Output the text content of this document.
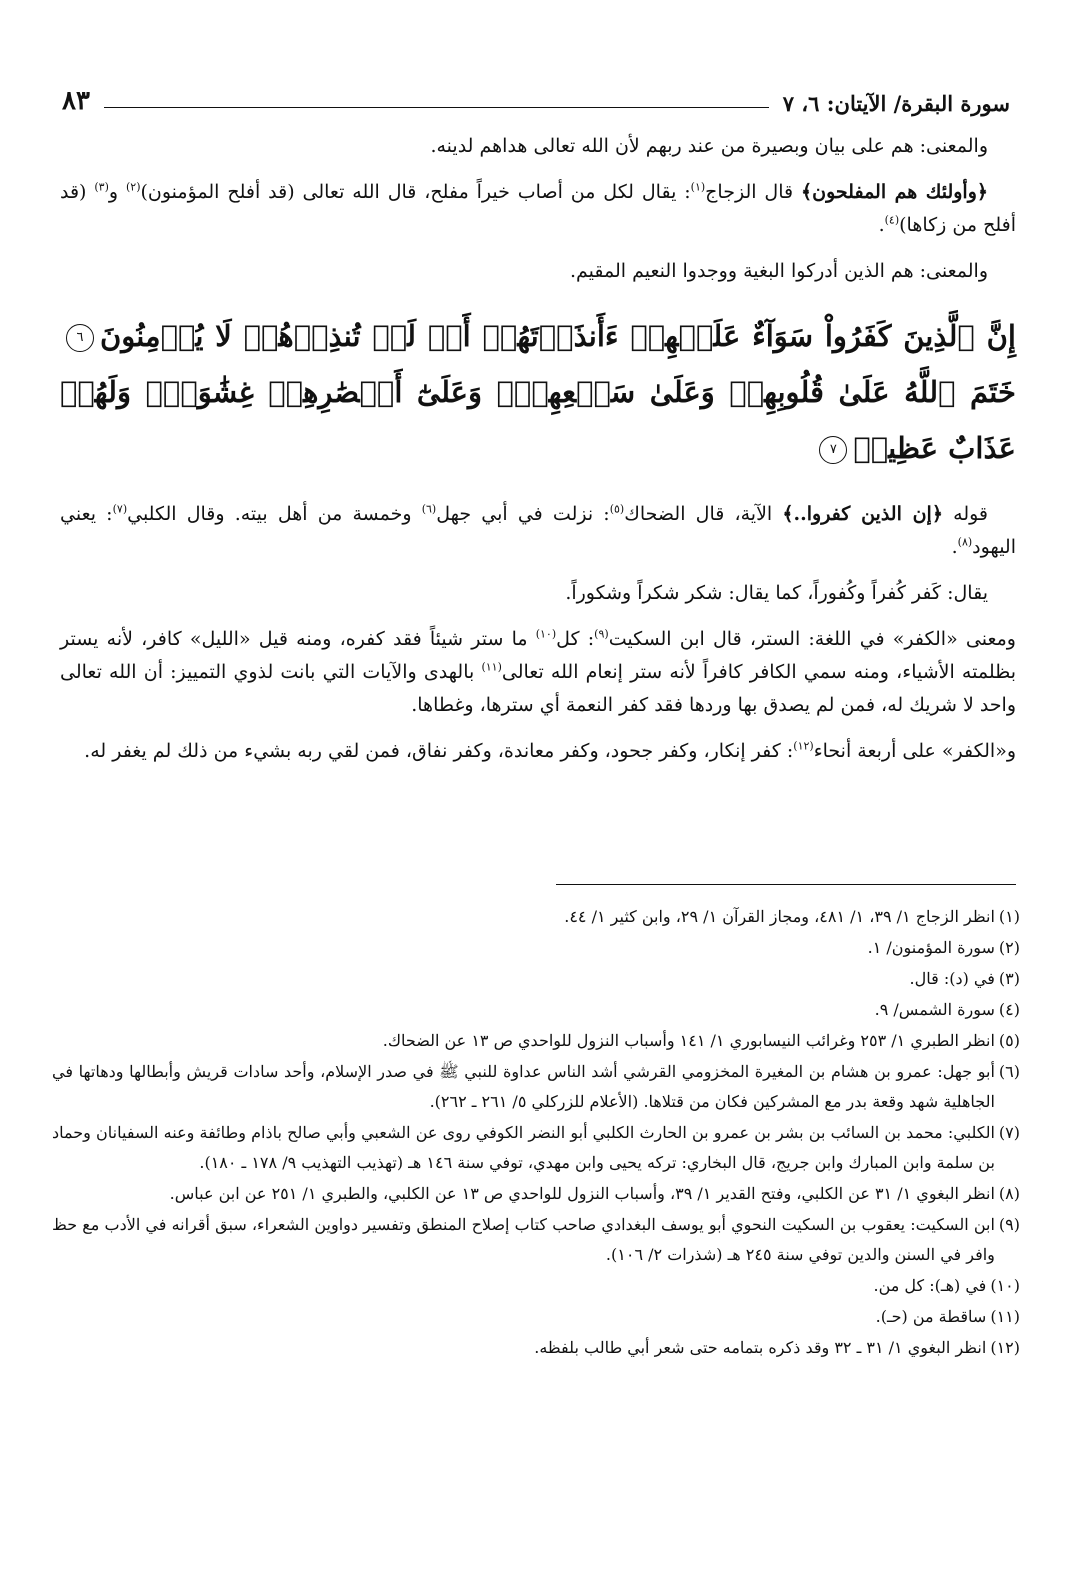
سورة البقرة/ الآيتان: ٦، ٧
٨٣

والمعنى: هم على بيان وبصيرة من عند ربهم لأن الله تعالى هداهم لدينه.

﴿وأولئك هم المفلحون﴾ قال الزجاج$^{(١)}$: يقال لكل من أصاب خيراً مفلح، قال الله تعالى (قد أفلح المؤمنون)$^{(٢)}$ و$^{(٣)}$ (قد أفلح من زكاها)$^{(٤)}$.

والمعنى: هم الذين أدركوا البغية ووجدوا النعيم المقيم.

إِنَّ ٱلَّذِينَ كَفَرُواْ سَوَآءٌ عَلَيۡهِمۡ ءَأَنذَرۡتَهُمۡ أَمۡ لَمۡ تُنذِرۡهُمۡ لَا يُؤۡمِنُونَ٦خَتَمَ ٱللَّهُ عَلَىٰ قُلُوبِهِمۡ وَعَلَىٰ سَمۡعِهِمۡۖ وَعَلَىٰٓ أَبۡصَٰرِهِمۡ غِشَٰوَةٞۖ وَلَهُمۡ عَذَابٌ عَظِيمٞ٧

قوله ﴿إن الذين كفروا..﴾ الآية، قال الضحاك$^{(٥)}$: نزلت في أبي جهل$^{(٦)}$ وخمسة من أهل بيته. وقال الكلبي$^{(٧)}$: يعني اليهود$^{(٨)}$.

يقال: كَفر كُفراً وكُفوراً، كما يقال: شكر شكراً وشكوراً.

ومعنى «الكفر» في اللغة: الستر، قال ابن السكيت$^{(٩)}$: كل$^{(١٠)}$ ما ستر شيئاً فقد كفره، ومنه قيل «الليل» كافر، لأنه يستر بظلمته الأشياء، ومنه سمي الكافر كافراً لأنه ستر إنعام الله تعالى$^{(١١)}$ بالهدى والآيات التي بانت لذوي التمييز: أن الله تعالى واحد لا شريك له، فمن لم يصدق بها وردها فقد كفر النعمة أي سترها، وغطاها.

و«الكفر» على أربعة أنحاء$^{(١٢)}$: كفر إنكار، وكفر جحود، وكفر معاندة، وكفر نفاق، فمن لقي ربه بشيء من ذلك لم يغفر له.

(١)
انظر الزجاج ١/ ٣٩، ١/ ٤٨١، ومجاز القرآن ١/ ٢٩، وابن كثير ١/ ٤٤.
(٢)
سورة المؤمنون/ ١.
(٣)
في (د): قال.
(٤)
سورة الشمس/ ٩.
(٥)
انظر الطبري ١/ ٢٥٣ وغرائب النيسابوري ١/ ١٤١ وأسباب النزول للواحدي ص ١٣ عن الضحاك.
(٦)
أبو جهل: عمرو بن هشام بن المغيرة المخزومي القرشي أشد الناس عداوة للنبي ﷺ في صدر الإسلام، وأحد سادات قريش وأبطالها ودهاتها في الجاهلية شهد وقعة بدر مع المشركين فكان من قتلاها. (الأعلام للزركلي ٥/ ٢٦١ ـ ٢٦٢).
(٧)
الكلبي: محمد بن السائب بن بشر بن عمرو بن الحارث الكلبي أبو النضر الكوفي روى عن الشعبي وأبي صالح باذام وطائفة وعنه السفيانان وحماد بن سلمة وابن المبارك وابن جريج، قال البخاري: تركه يحيى وابن مهدي، توفي سنة ١٤٦ هـ (تهذيب التهذيب ٩/ ١٧٨ ـ ١٨٠).
(٨)
انظر البغوي ١/ ٣١ عن الكلبي، وفتح القدير ١/ ٣٩، وأسباب النزول للواحدي ص ١٣ عن الكلبي، والطبري ١/ ٢٥١ عن ابن عباس.
(٩)
ابن السكيت: يعقوب بن السكيت النحوي أبو يوسف البغدادي صاحب كتاب إصلاح المنطق وتفسير دواوين الشعراء، سبق أقرانه في الأدب مع حظ وافر في السنن والدين توفي سنة ٢٤٥ هـ (شذرات ٢/ ١٠٦).
(١٠)
في (هـ): كل من.
(١١)
ساقطة من (حـ).
(١٢)
انظر البغوي ١/ ٣١ ـ ٣٢ وقد ذكره بتمامه حتى شعر أبي طالب بلفظه.
